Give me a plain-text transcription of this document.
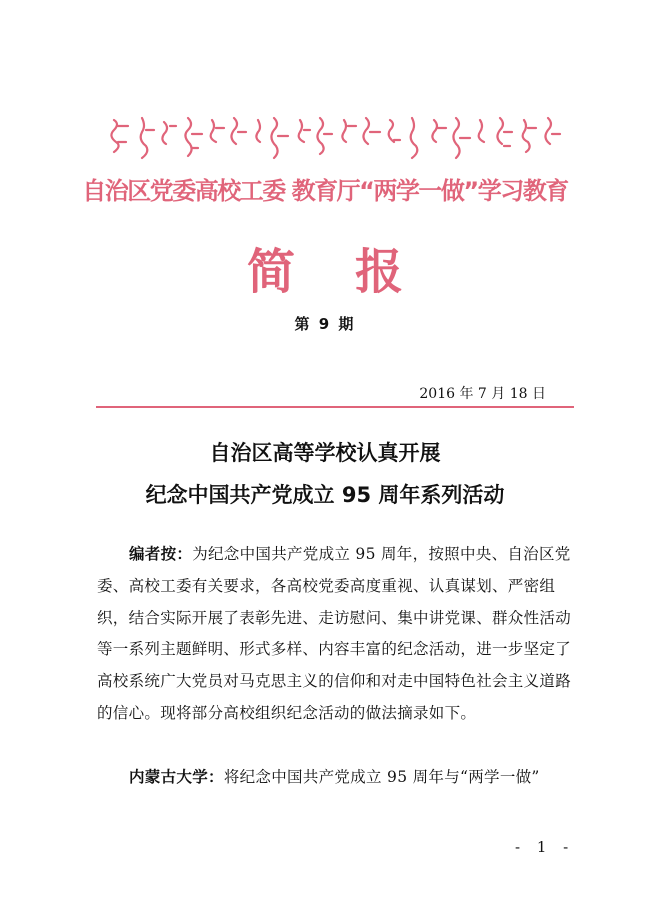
自治区党委高校工委 教育厅“两学一做”学习教育
简报
第 9 期
2016 年 7 月 18 日
自治区高等学校认真开展
纪念中国共产党成立 95 周年系列活动
编者按：为纪念中国共产党成立 95 周年，按照中央、自治区党委、高校工委有关要求，各高校党委高度重视、认真谋划、严密组织，结合实际开展了表彰先进、走访慰问、集中讲党课、群众性活动等一系列主题鲜明、形式多样、内容丰富的纪念活动，进一步坚定了高校系统广大党员对马克思主义的信仰和对走中国特色社会主义道路的信心。现将部分高校组织纪念活动的做法摘录如下。
内蒙古大学：将纪念中国共产党成立 95 周年与“两学一做”
- 1 -
